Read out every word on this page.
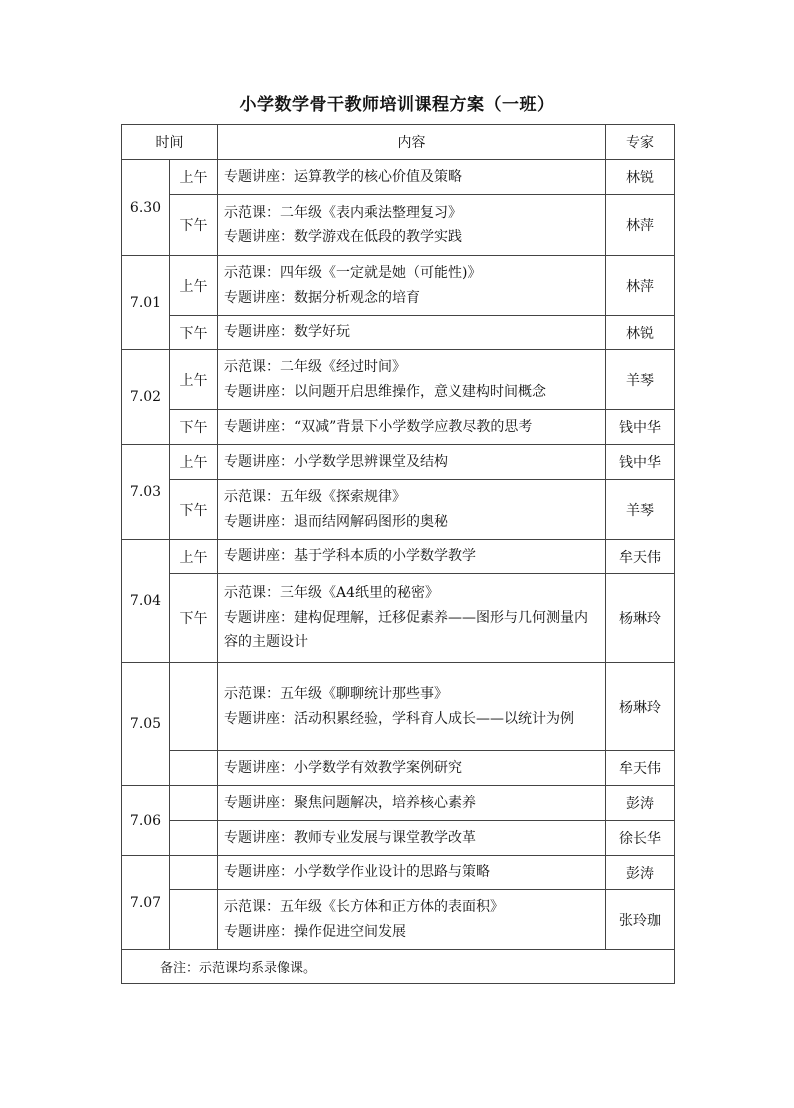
小学数学骨干教师培训课程方案（一班）
时间		内容	专家
6.30	上午	专题讲座：运算教学的核心价值及策略	林锐
	下午	示范课：二年级《表内乘法整理复习》
专题讲座：数学游戏在低段的教学实践	林萍
7.01	上午	示范课：四年级《一定就是她（可能性)》
专题讲座：数据分析观念的培育	林萍
	下午	专题讲座：数学好玩	林锐
7.02	上午	示范课：二年级《经过时间》
专题讲座：以问题开启思维操作，意义建构时间概念	羊琴
	下午	专题讲座：“双减”背景下小学数学应教尽教的思考	钱中华
7.03	上午	专题讲座：小学数学思辨课堂及结构	钱中华
	下午	示范课：五年级《探索规律》
专题讲座：退而结网解码图形的奥秘	羊琴
7.04	上午	专题讲座：基于学科本质的小学数学教学	牟天伟
	下午	示范课：三年级《A4纸里的秘密》
专题讲座：建构促理解，迁移促素养——图形与几何测量内容的主题设计	杨琳玲
7.05		示范课：五年级《聊聊统计那些事》
专题讲座：活动积累经验，学科育人成长——以统计为例	杨琳玲

		专题讲座：小学数学有效教学案例研究	牟天伟
7.06		专题讲座：聚焦问题解决，培养核心素养	彭涛

		专题讲座：教师专业发展与课堂教学改革	徐长华
7.07		专题讲座：小学数学作业设计的思路与策略	彭涛

		示范课：五年级《长方体和正方体的表面积》
专题讲座：操作促进空间发展	张玲珈
备注：示范课均系录像课。			
